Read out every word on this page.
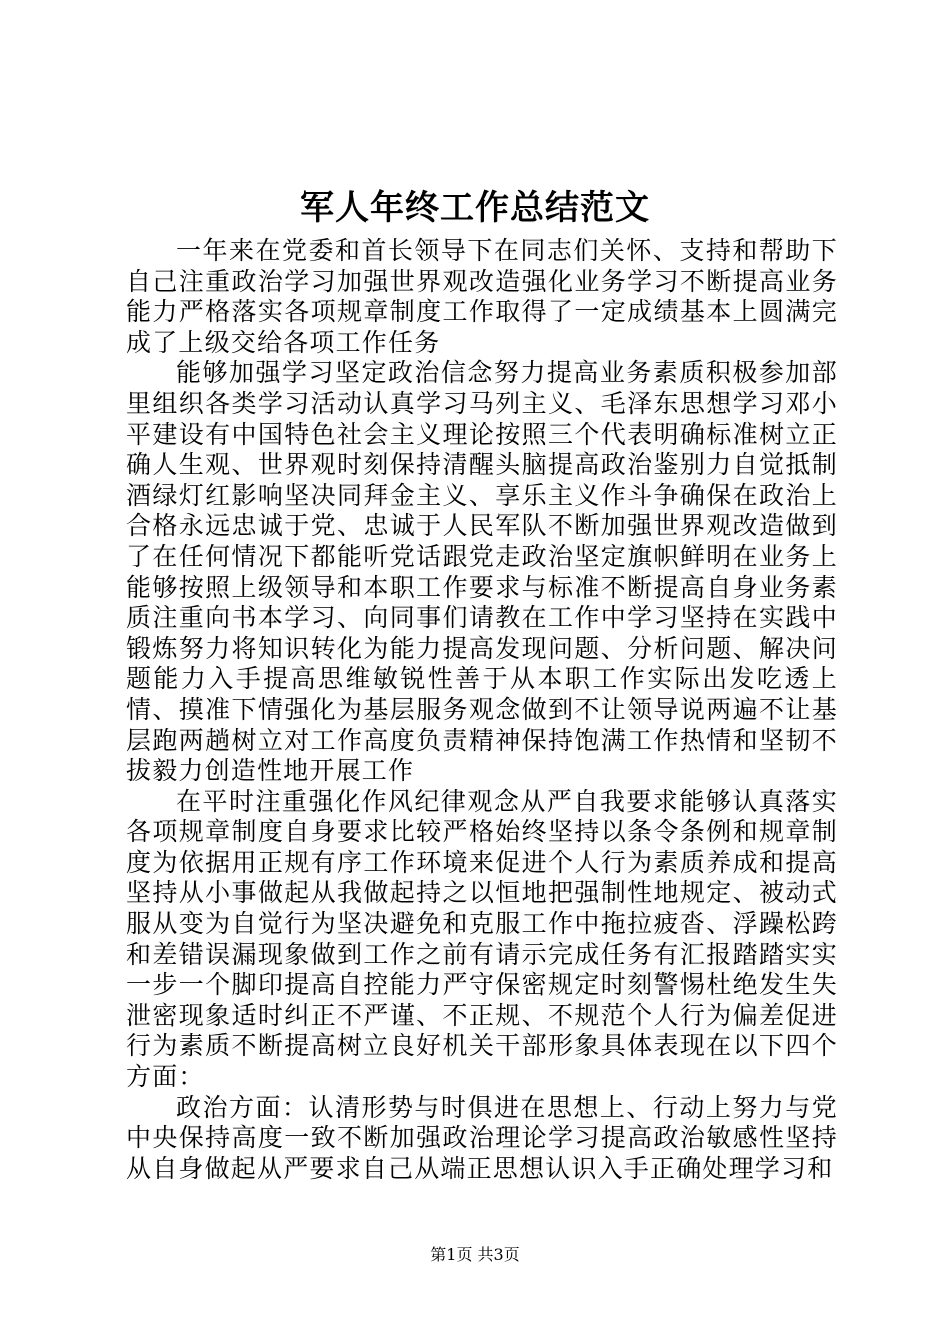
军人年终工作总结范文

一年来在党委和首长领导下在同志们关怀、支持和帮助下自己注重政治学习加强世界观改造强化业务学习不断提高业务能力严格落实各项规章制度工作取得了一定成绩基本上圆满完成了上级交给各项工作任务

能够加强学习坚定政治信念努力提高业务素质积极参加部里组织各类学习活动认真学习马列主义、毛泽东思想学习邓小平建设有中国特色社会主义理论按照三个代表明确标准树立正确人生观、世界观时刻保持清醒头脑提高政治鉴别力自觉抵制酒绿灯红影响坚决同拜金主义、享乐主义作斗争确保在政治上合格永远忠诚于党、忠诚于人民军队不断加强世界观改造做到了在任何情况下都能听党话跟党走政治坚定旗帜鲜明在业务上能够按照上级领导和本职工作要求与标准不断提高自身业务素质注重向书本学习、向同事们请教在工作中学习坚持在实践中锻炼努力将知识转化为能力提高发现问题、分析问题、解决问题能力入手提高思维敏锐性善于从本职工作实际出发吃透上情、摸准下情强化为基层服务观念做到不让领导说两遍不让基层跑两趟树立对工作高度负责精神保持饱满工作热情和坚韧不拔毅力创造性地开展工作

在平时注重强化作风纪律观念从严自我要求能够认真落实各项规章制度自身要求比较严格始终坚持以条令条例和规章制度为依据用正规有序工作环境来促进个人行为素质养成和提高坚持从小事做起从我做起持之以恒地把强制性地规定、被动式服从变为自觉行为坚决避免和克服工作中拖拉疲沓、浮躁松跨和差错误漏现象做到工作之前有请示完成任务有汇报踏踏实实一步一个脚印提高自控能力严守保密规定时刻警惕杜绝发生失泄密现象适时纠正不严谨、不正规、不规范个人行为偏差促进行为素质不断提高树立良好机关干部形象具体表现在以下四个方面：

政治方面：认清形势与时俱进在思想上、行动上努力与党中央保持高度一致不断加强政治理论学习提高政治敏感性坚持从自身做起从严要求自己从端正思想认识入手正确处理学习和

第1页 共3页
